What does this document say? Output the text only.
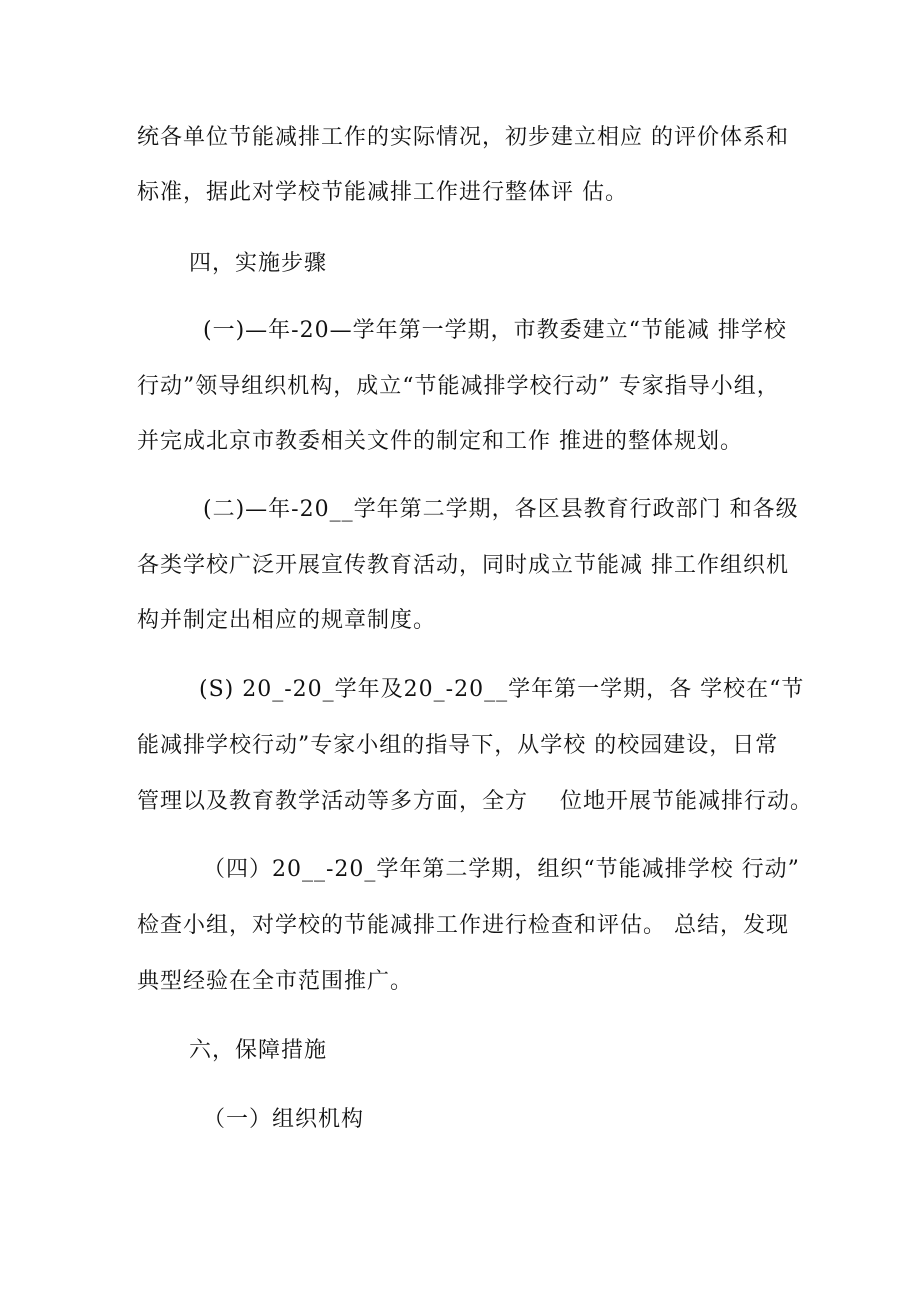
统各单位节能减排工作的实际情况，初步建立相应 的评价体系和
标准，据此对学校节能减排工作进行整体评 估。
四，实施步骤
(一)—年-20—学年第一学期，市教委建立“节能减 排学校
行动”领导组织机构，成立“节能减排学校行动” 专家指导小组，
并完成北京市教委相关文件的制定和工作 推进的整体规划。
(二)—年-20__学年第二学期，各区县教育行政部门 和各级
各类学校广泛开展宣传教育活动，同时成立节能减 排工作组织机
构并制定出相应的规章制度。
(S) 20_-20_学年及20_-20__学年第一学期，各 学校在“节
能减排学校行动”专家小组的指导下，从学校 的校园建设，日常
管理以及教育教学活动等多方面，全方    位地开展节能减排行动。
（四）20__-20_学年第二学期，组织“节能减排学校 行动”
检查小组，对学校的节能减排工作进行检查和评估。 总结，发现
典型经验在全市范围推广。
六，保障措施
（一）组织机构
